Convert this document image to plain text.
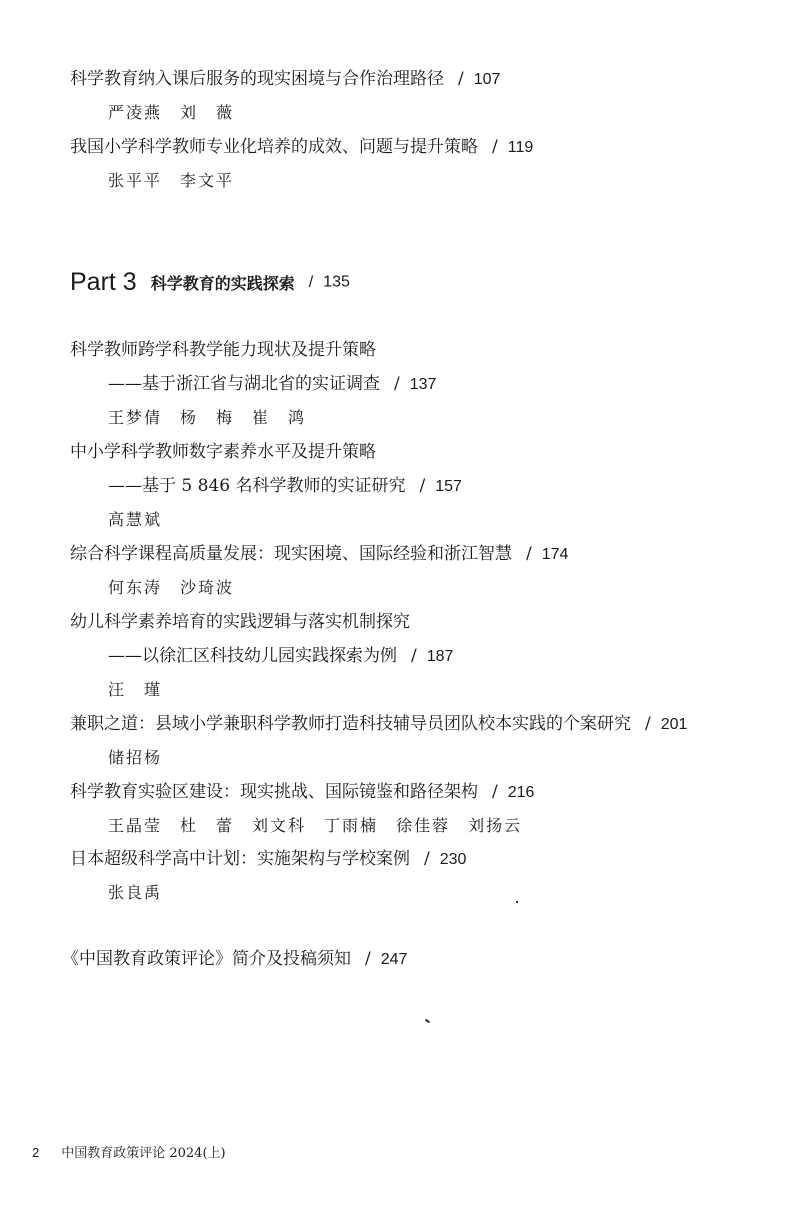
科学教育纳入课后服务的现实困境与合作治理路径 / 107
严凌燕 刘　薇
我国小学科学教师专业化培养的成效、问题与提升策略 / 119
张平平 李文平
Part 3 科学教育的实践探索 / 135
科学教师跨学科教学能力现状及提升策略
——基于浙江省与湖北省的实证调查 / 137
王梦倩 杨　梅 崔　鸿
中小学科学教师数字素养水平及提升策略
——基于 5 846 名科学教师的实证研究 / 157
高慧斌
综合科学课程高质量发展：现实困境、国际经验和浙江智慧 / 174
何东涛 沙琦波
幼儿科学素养培育的实践逻辑与落实机制探究
——以徐汇区科技幼儿园实践探索为例 / 187
汪　瑾
兼职之道：县域小学兼职科学教师打造科技辅导员团队校本实践的个案研究 / 201
储招杨
科学教育实验区建设：现实挑战、国际镜鉴和路径架构 / 216
王晶莹 杜　蕾 刘文科 丁雨楠 徐佳蓉 刘扬云
日本超级科学高中计划：实施架构与学校案例 / 230
张良禹
《中国教育政策评论》简介及投稿须知 / 247
2 中国教育政策评论 2024(上)
